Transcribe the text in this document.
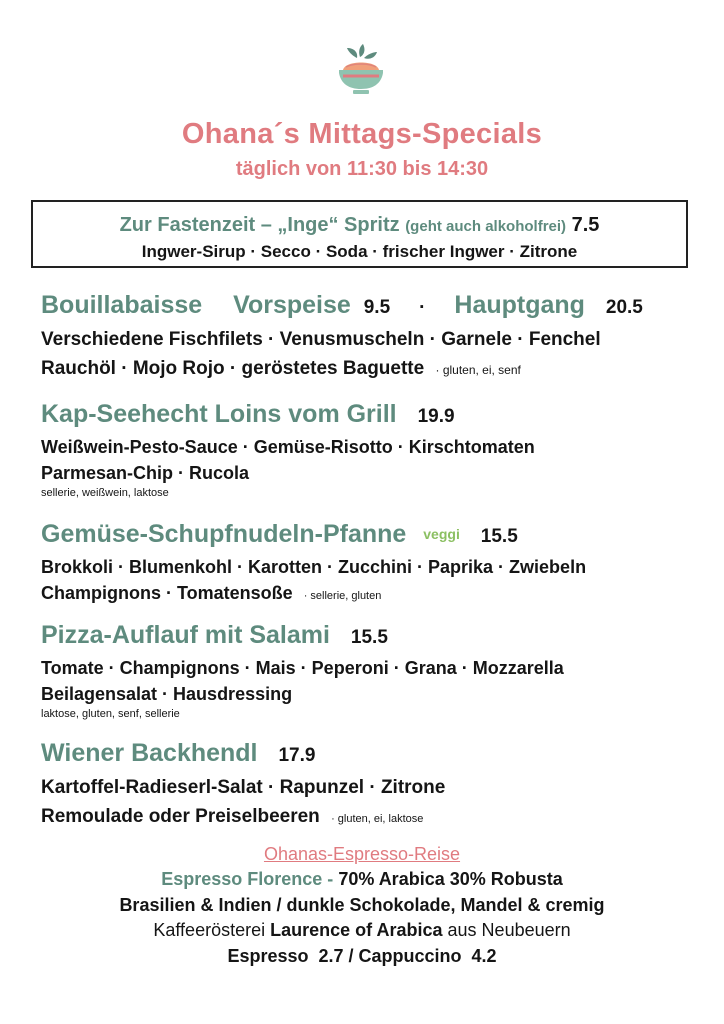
Ohana´s Mittags-Specials
täglich von 11:30 bis 14:30
Zur Fastenzeit – „Inge“ Spritz (geht auch alkoholfrei) 7.5
Ingwer-Sirup · Secco · Soda · frischer Ingwer · Zitrone
Bouillabaisse Vorspeise 9.5 · Hauptgang 20.5
Verschiedene Fischfilets · Venusmuscheln · Garnele · Fenchel
Rauchöl · Mojo Rojo · geröstetes Baguette · gluten, ei, senf
Kap-Seehecht Loins vom Grill 19.9
Weißwein-Pesto-Sauce · Gemüse-Risotto · Kirschtomaten
Parmesan-Chip · Rucola
sellerie, weißwein, laktose
Gemüse-Schupfnudeln-Pfanne veggi 15.5
Brokkoli · Blumenkohl · Karotten · Zucchini · Paprika · Zwiebeln
Champignons · Tomatensoße · sellerie, gluten
Pizza-Auflauf mit Salami 15.5
Tomate · Champignons · Mais · Peperoni · Grana · Mozzarella
Beilagensalat · Hausdressing
laktose, gluten, senf, sellerie
Wiener Backhendl 17.9
Kartoffel-Radieserl-Salat · Rapunzel · Zitrone
Remoulade oder Preiselbeeren · gluten, ei, laktose
Ohanas-Espresso-Reise
Espresso Florence - 70% Arabica 30% Robusta
Brasilien & Indien / dunkle Schokolade, Mandel & cremig
Kaffeerösterei Laurence of Arabica aus Neubeuern
Espresso  2.7 / Cappuccino  4.2
